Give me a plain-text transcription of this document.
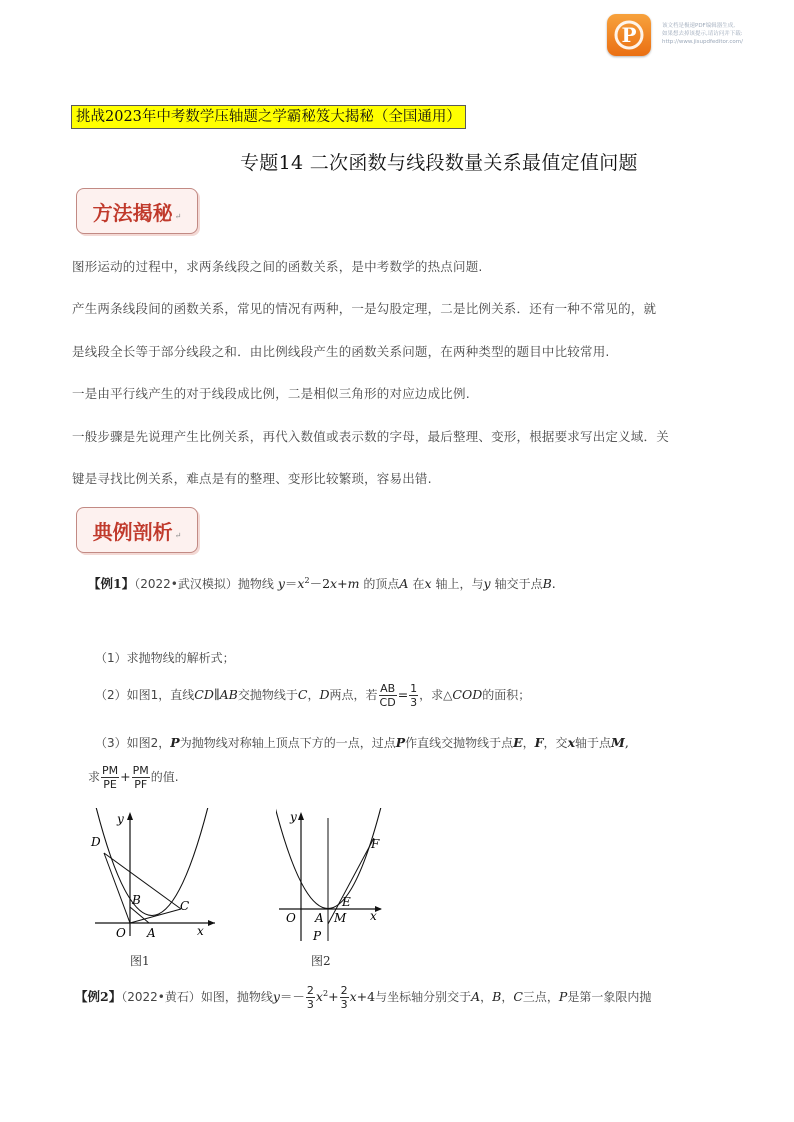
P	该文档是极速PDF编辑器生成,
如果想去掉该提示,请访问并下载:
http://www.jisupdfeditor.com/
挑战2023年中考数学压轴题之学霸秘笈大揭秘（全国通用）
专题14 二次函数与线段数量关系最值定值问题
方法揭秘 ↵
图形运动的过程中，求两条线段之间的函数关系，是中考数学的热点问题.
产生两条线段间的函数关系，常见的情况有两种，一是勾股定理，二是比例关系．还有一种不常见的，就
是线段全长等于部分线段之和．由比例线段产生的函数关系问题，在两种类型的题目中比较常用.
一是由平行线产生的对于线段成比例，二是相似三角形的对应边成比例.
一般步骤是先说理产生比例关系，再代入数值或表示数的字母，最后整理、变形，根据要求写出定义域．关
键是寻找比例关系，难点是有的整理、变形比较繁琐，容易出错.
典例剖析 ↵
【例1】（2022•武汉模拟）抛物线 $y=x^2-2x+m$ 的顶点A 在x 轴上，与y 轴交于点B.
（1）求抛物线的解析式；
（2）如图1，直线CD∥AB交抛物线于C，D两点，若 $\frac{AB}{CD} = \frac{1}{3}$ ，求△COD的面积；
（3）如图2，P为抛物线对称轴上顶点下方的一点，过点P作直线交抛物线于点E，F，交x轴于点M,
求 $\frac{PM}{PE} + \frac{PM}{PF}$ 的值.
y
x
O A
B	C
D
图1
y
x
O A M
E
F
P
图2
【例2】（2022•黄石）如图，抛物线$y=- \frac{2}{3} x^2+ \frac{2}{3} x+4$与坐标轴分别交于A，B，C三点，P是第一象限内抛
